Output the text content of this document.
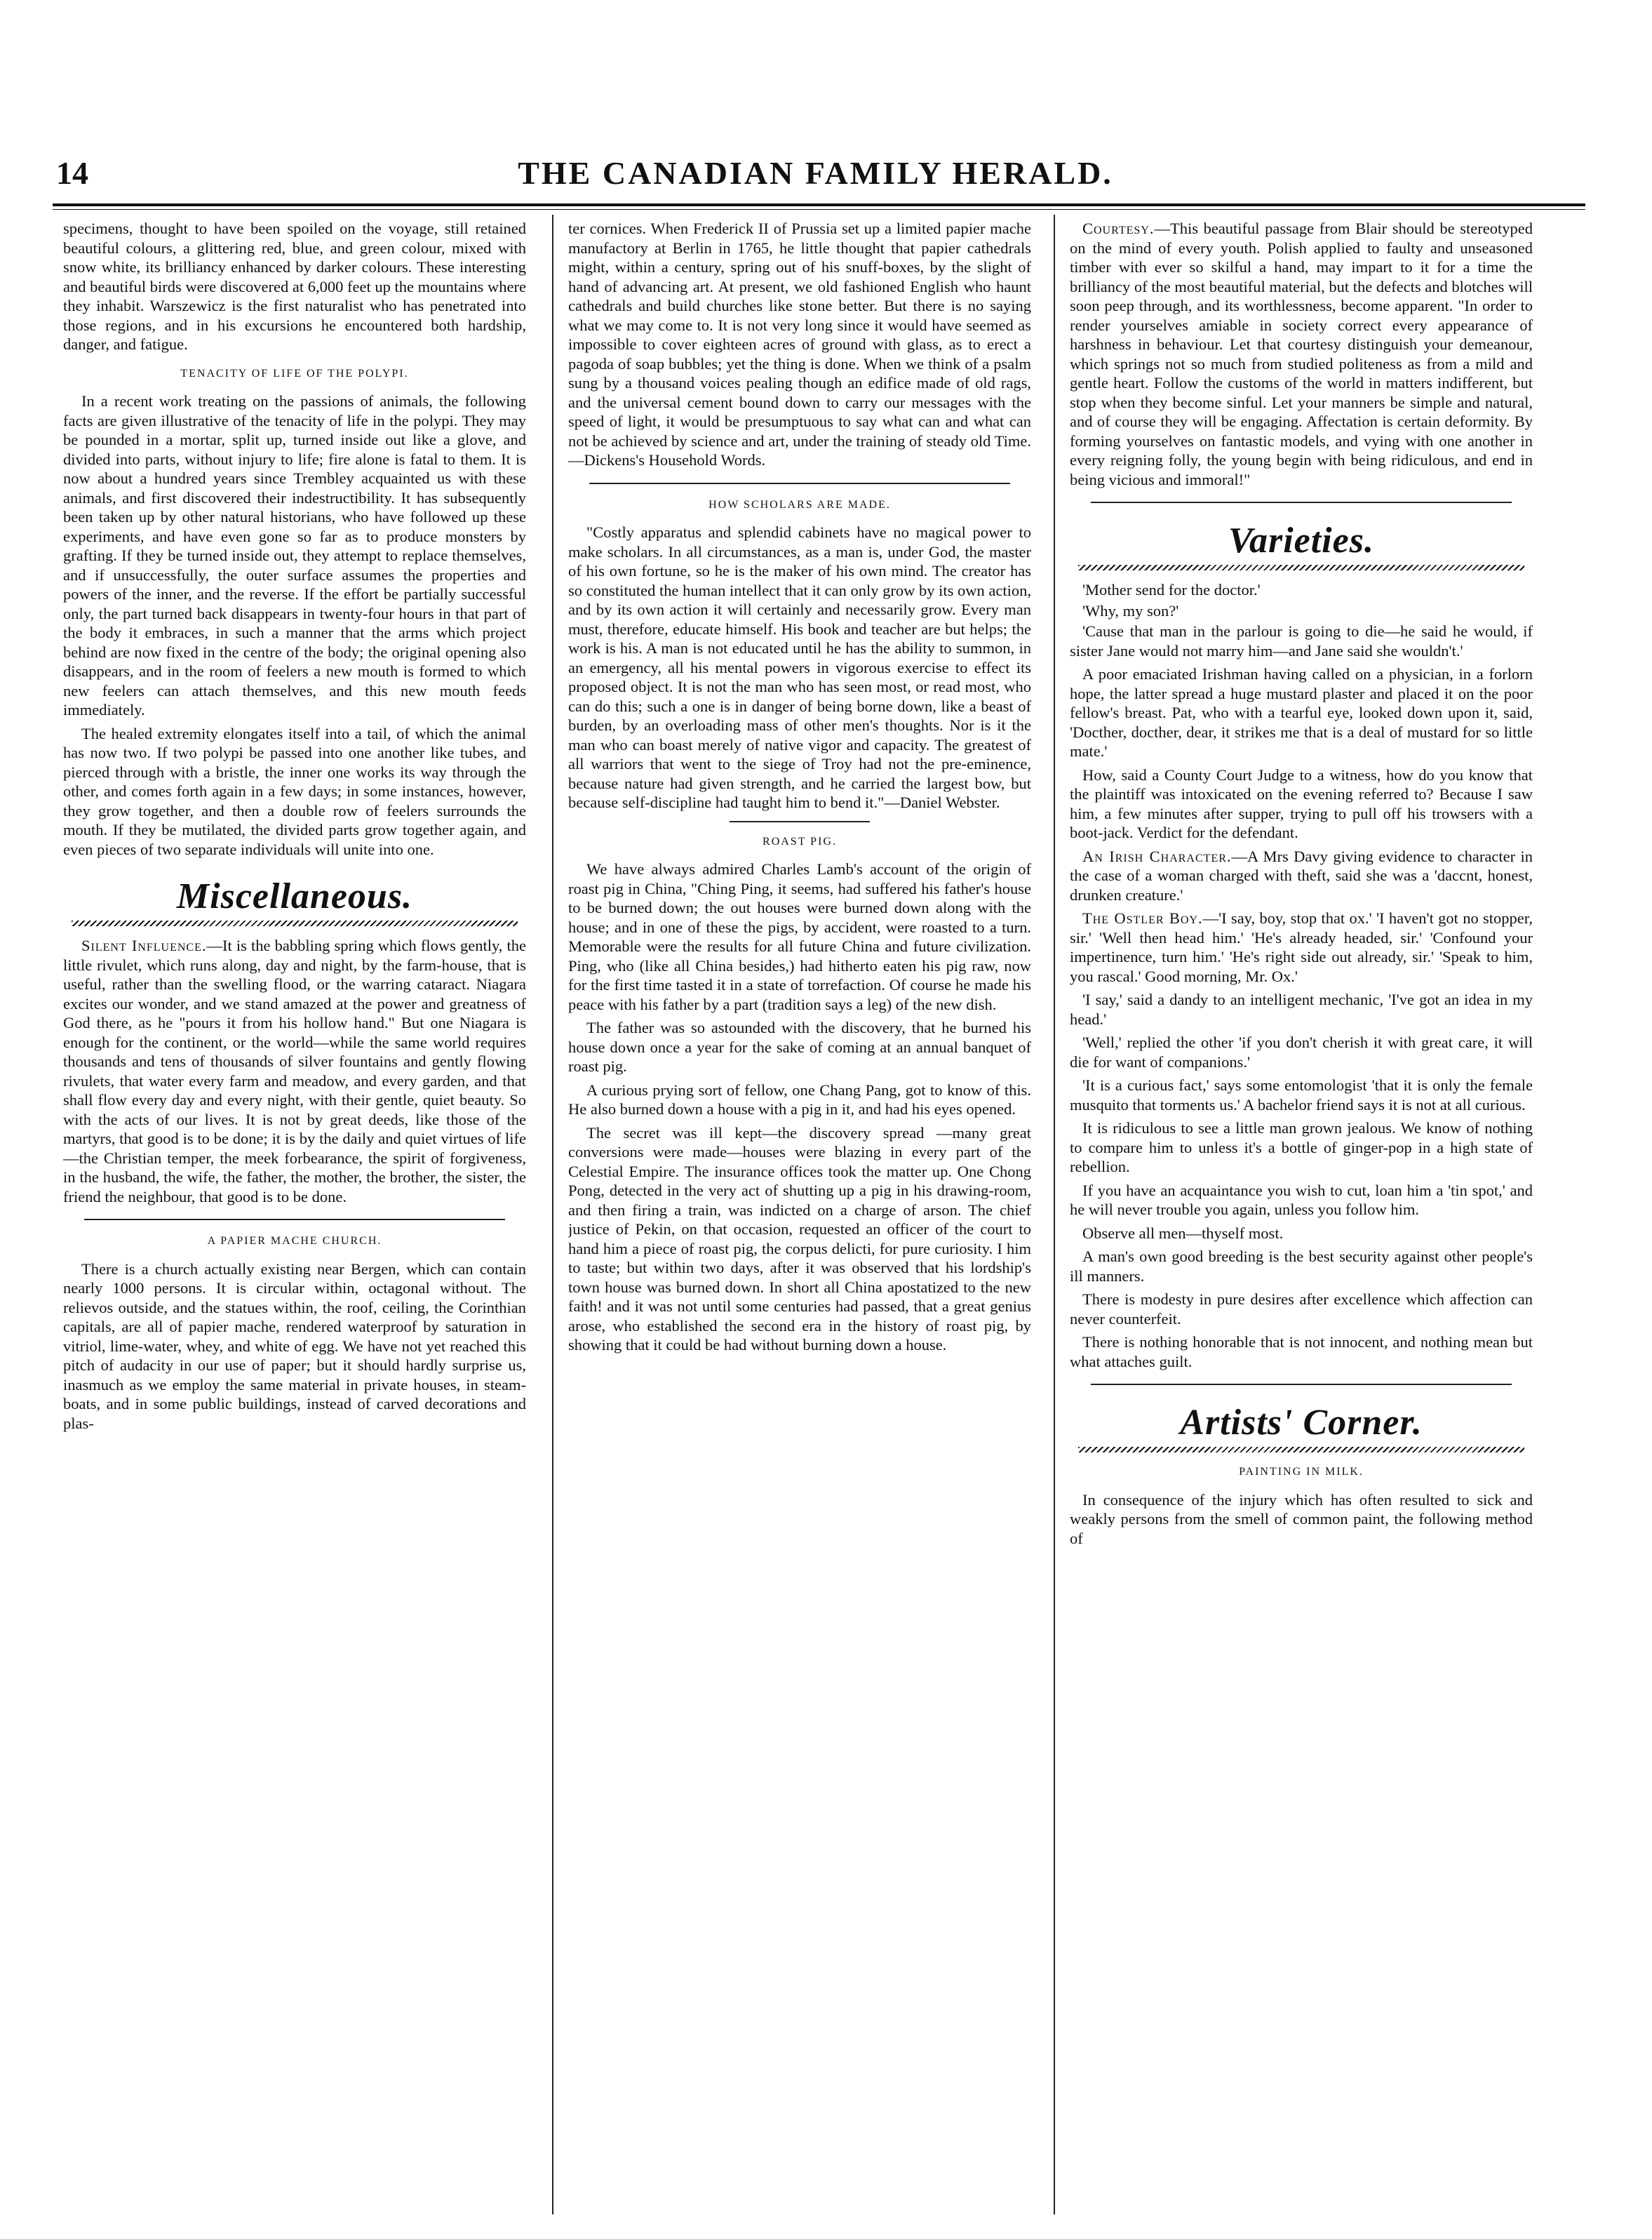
14	THE CANADIAN FAMILY HERALD.

specimens, thought to have been spoiled on the voyage, still retained beautiful colours, a glittering red, blue, and green colour, mixed with snow white, its brilliancy enhanced by darker colours. These interesting and beautiful birds were discovered at 6,000 feet up the mountains where they inhabit. Warszewicz is the first naturalist who has penetrated into those regions, and in his excursions he encountered both hardship, danger, and fatigue.

TENACITY OF LIFE OF THE POLYPI.

In a recent work treating on the passions of animals, the following facts are given illustrative of the tenacity of life in the polypi. They may be pounded in a mortar, split up, turned inside out like a glove, and divided into parts, without injury to life; fire alone is fatal to them. It is now about a hundred years since Trembley acquainted us with these animals, and first discovered their indestructibility. It has subsequently been taken up by other natural historians, who have followed up these experiments, and have even gone so far as to produce monsters by grafting. If they be turned inside out, they attempt to replace themselves, and if unsuccessfully, the outer surface assumes the properties and powers of the inner, and the reverse. If the effort be partially successful only, the part turned back disappears in twenty-four hours in that part of the body it embraces, in such a manner that the arms which project behind are now fixed in the centre of the body; the original opening also disappears, and in the room of feelers a new mouth is formed to which new feelers can attach themselves, and this new mouth feeds immediately.

The healed extremity elongates itself into a tail, of which the animal has now two. If two polypi be passed into one another like tubes, and pierced through with a bristle, the inner one works its way through the other, and comes forth again in a few days; in some instances, however, they grow together, and then a double row of feelers surrounds the mouth. If they be mutilated, the divided parts grow together again, and even pieces of two separate individuals will unite into one.

Miscellaneous.

Silent Influence.—It is the babbling spring which flows gently, the little rivulet, which runs along, day and night, by the farm-house, that is useful, rather than the swelling flood, or the warring cataract. Niagara excites our wonder, and we stand amazed at the power and greatness of God there, as he "pours it from his hollow hand." But one Niagara is enough for the continent, or the world—while the same world requires thousands and tens of thousands of silver fountains and gently flowing rivulets, that water every farm and meadow, and every garden, and that shall flow every day and every night, with their gentle, quiet beauty. So with the acts of our lives. It is not by great deeds, like those of the martyrs, that good is to be done; it is by the daily and quiet virtues of life—the Christian temper, the meek forbearance, the spirit of forgiveness, in the husband, the wife, the father, the mother, the brother, the sister, the friend the neighbour, that good is to be done.

A PAPIER MACHE CHURCH.

There is a church actually existing near Bergen, which can contain nearly 1000 persons. It is circular within, octagonal without. The relievos outside, and the statues within, the roof, ceiling, the Corinthian capitals, are all of papier mache, rendered waterproof by saturation in vitriol, lime-water, whey, and white of egg. We have not yet reached this pitch of audacity in our use of paper; but it should hardly surprise us, inasmuch as we employ the same material in private houses, in steam-boats, and in some public buildings, instead of carved decorations and plas-

ter cornices. When Frederick II of Prussia set up a limited papier mache manufactory at Berlin in 1765, he little thought that papier cathedrals might, within a century, spring out of his snuff-boxes, by the slight of hand of advancing art. At present, we old fashioned English who haunt cathedrals and build churches like stone better. But there is no saying what we may come to. It is not very long since it would have seemed as impossible to cover eighteen acres of ground with glass, as to erect a pagoda of soap bubbles; yet the thing is done. When we think of a psalm sung by a thousand voices pealing though an edifice made of old rags, and the universal cement bound down to carry our messages with the speed of light, it would be presumptuous to say what can and what can not be achieved by science and art, under the training of steady old Time.—Dickens's Household Words.

HOW SCHOLARS ARE MADE.

"Costly apparatus and splendid cabinets have no magical power to make scholars. In all circumstances, as a man is, under God, the master of his own fortune, so he is the maker of his own mind. The creator has so constituted the human intellect that it can only grow by its own action, and by its own action it will certainly and necessarily grow. Every man must, therefore, educate himself. His book and teacher are but helps; the work is his. A man is not educated until he has the ability to summon, in an emergency, all his mental powers in vigorous exercise to effect its proposed object. It is not the man who has seen most, or read most, who can do this; such a one is in danger of being borne down, like a beast of burden, by an overloading mass of other men's thoughts. Nor is it the man who can boast merely of native vigor and capacity. The greatest of all warriors that went to the siege of Troy had not the pre-eminence, because nature had given strength, and he carried the largest bow, but because self-discipline had taught him to bend it."—Daniel Webster.

ROAST PIG.

We have always admired Charles Lamb's account of the origin of roast pig in China, "Ching Ping, it seems, had suffered his father's house to be burned down; the out houses were burned down along with the house; and in one of these the pigs, by accident, were roasted to a turn. Memorable were the results for all future China and future civilization. Ping, who (like all China besides,) had hitherto eaten his pig raw, now for the first time tasted it in a state of torrefaction. Of course he made his peace with his father by a part (tradition says a leg) of the new dish.

The father was so astounded with the discovery, that he burned his house down once a year for the sake of coming at an annual banquet of roast pig.

A curious prying sort of fellow, one Chang Pang, got to know of this. He also burned down a house with a pig in it, and had his eyes opened.

The secret was ill kept—the discovery spread —many great conversions were made—houses were blazing in every part of the Celestial Empire. The insurance offices took the matter up. One Chong Pong, detected in the very act of shutting up a pig in his drawing-room, and then firing a train, was indicted on a charge of arson. The chief justice of Pekin, on that occasion, requested an officer of the court to hand him a piece of roast pig, the corpus delicti, for pure curiosity. I him to taste; but within two days, after it was observed that his lordship's town house was burned down. In short all China apostatized to the new faith! and it was not until some centuries had passed, that a great genius arose, who established the second era in the history of roast pig, by showing that it could be had without burning down a house.

Courtesy.—This beautiful passage from Blair should be stereotyped on the mind of every youth. Polish applied to faulty and unseasoned timber with ever so skilful a hand, may impart to it for a time the brilliancy of the most beautiful material, but the defects and blotches will soon peep through, and its worthlessness, become apparent. "In order to render yourselves amiable in society correct every appearance of harshness in behaviour. Let that courtesy distinguish your demeanour, which springs not so much from studied politeness as from a mild and gentle heart. Follow the customs of the world in matters indifferent, but stop when they become sinful. Let your manners be simple and natural, and of course they will be engaging. Affectation is certain deformity. By forming yourselves on fantastic models, and vying with one another in every reigning folly, the young begin with being ridiculous, and end in being vicious and immoral!"

Varieties.

'Mother send for the doctor.'

'Why, my son?'

'Cause that man in the parlour is going to die—he said he would, if sister Jane would not marry him—and Jane said she wouldn't.'

A poor emaciated Irishman having called on a physician, in a forlorn hope, the latter spread a huge mustard plaster and placed it on the poor fellow's breast. Pat, who with a tearful eye, looked down upon it, said, 'Docther, docther, dear, it strikes me that is a deal of mustard for so little mate.'

How, said a County Court Judge to a witness, how do you know that the plaintiff was intoxicated on the evening referred to? Because I saw him, a few minutes after supper, trying to pull off his trowsers with a boot-jack. Verdict for the defendant.

An Irish Character.—A Mrs Davy giving evidence to character in the case of a woman charged with theft, said she was a 'daccnt, honest, drunken creature.'

The Ostler Boy.—'I say, boy, stop that ox.' 'I haven't got no stopper, sir.' 'Well then head him.' 'He's already headed, sir.' 'Confound your impertinence, turn him.' 'He's right side out already, sir.' 'Speak to him, you rascal.' Good morning, Mr. Ox.'

'I say,' said a dandy to an intelligent mechanic, 'I've got an idea in my head.'

'Well,' replied the other 'if you don't cherish it with great care, it will die for want of companions.'

'It is a curious fact,' says some entomologist 'that it is only the female musquito that torments us.' A bachelor friend says it is not at all curious.

It is ridiculous to see a little man grown jealous. We know of nothing to compare him to unless it's a bottle of ginger-pop in a high state of rebellion.

If you have an acquaintance you wish to cut, loan him a 'tin spot,' and he will never trouble you again, unless you follow him.

Observe all men—thyself most.

A man's own good breeding is the best security against other people's ill manners.

There is modesty in pure desires after excellence which affection can never counterfeit.

There is nothing honorable that is not innocent, and nothing mean but what attaches guilt.

Artists' Corner.
PAINTING IN MILK.

In consequence of the injury which has often resulted to sick and weakly persons from the smell of common paint, the following method of
